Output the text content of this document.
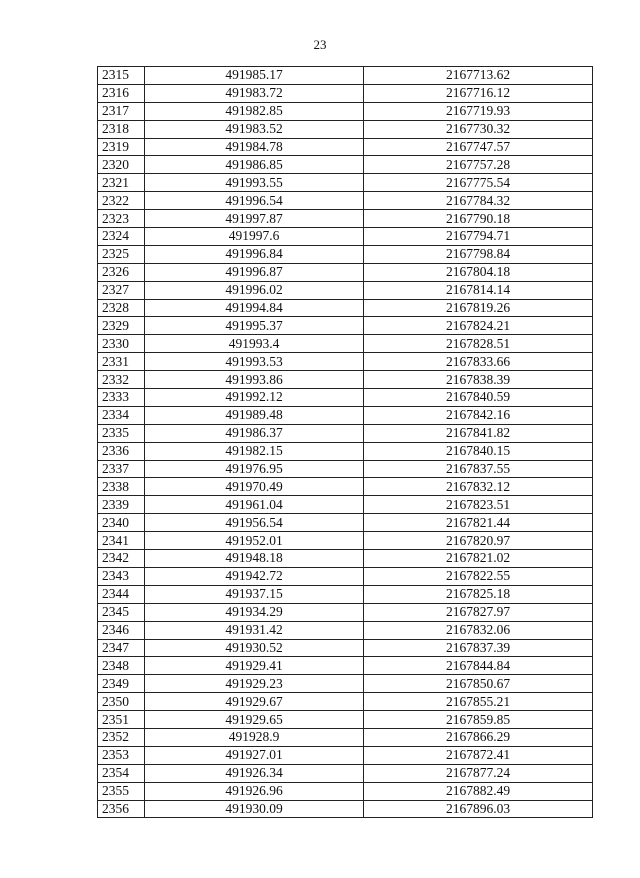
23
2315	491985.17	2167713.62
2316	491983.72	2167716.12
2317	491982.85	2167719.93
2318	491983.52	2167730.32
2319	491984.78	2167747.57
2320	491986.85	2167757.28
2321	491993.55	2167775.54
2322	491996.54	2167784.32
2323	491997.87	2167790.18
2324	491997.6	2167794.71
2325	491996.84	2167798.84
2326	491996.87	2167804.18
2327	491996.02	2167814.14
2328	491994.84	2167819.26
2329	491995.37	2167824.21
2330	491993.4	2167828.51
2331	491993.53	2167833.66
2332	491993.86	2167838.39
2333	491992.12	2167840.59
2334	491989.48	2167842.16
2335	491986.37	2167841.82
2336	491982.15	2167840.15
2337	491976.95	2167837.55
2338	491970.49	2167832.12
2339	491961.04	2167823.51
2340	491956.54	2167821.44
2341	491952.01	2167820.97
2342	491948.18	2167821.02
2343	491942.72	2167822.55
2344	491937.15	2167825.18
2345	491934.29	2167827.97
2346	491931.42	2167832.06
2347	491930.52	2167837.39
2348	491929.41	2167844.84
2349	491929.23	2167850.67
2350	491929.67	2167855.21
2351	491929.65	2167859.85
2352	491928.9	2167866.29
2353	491927.01	2167872.41
2354	491926.34	2167877.24
2355	491926.96	2167882.49
2356	491930.09	2167896.03
